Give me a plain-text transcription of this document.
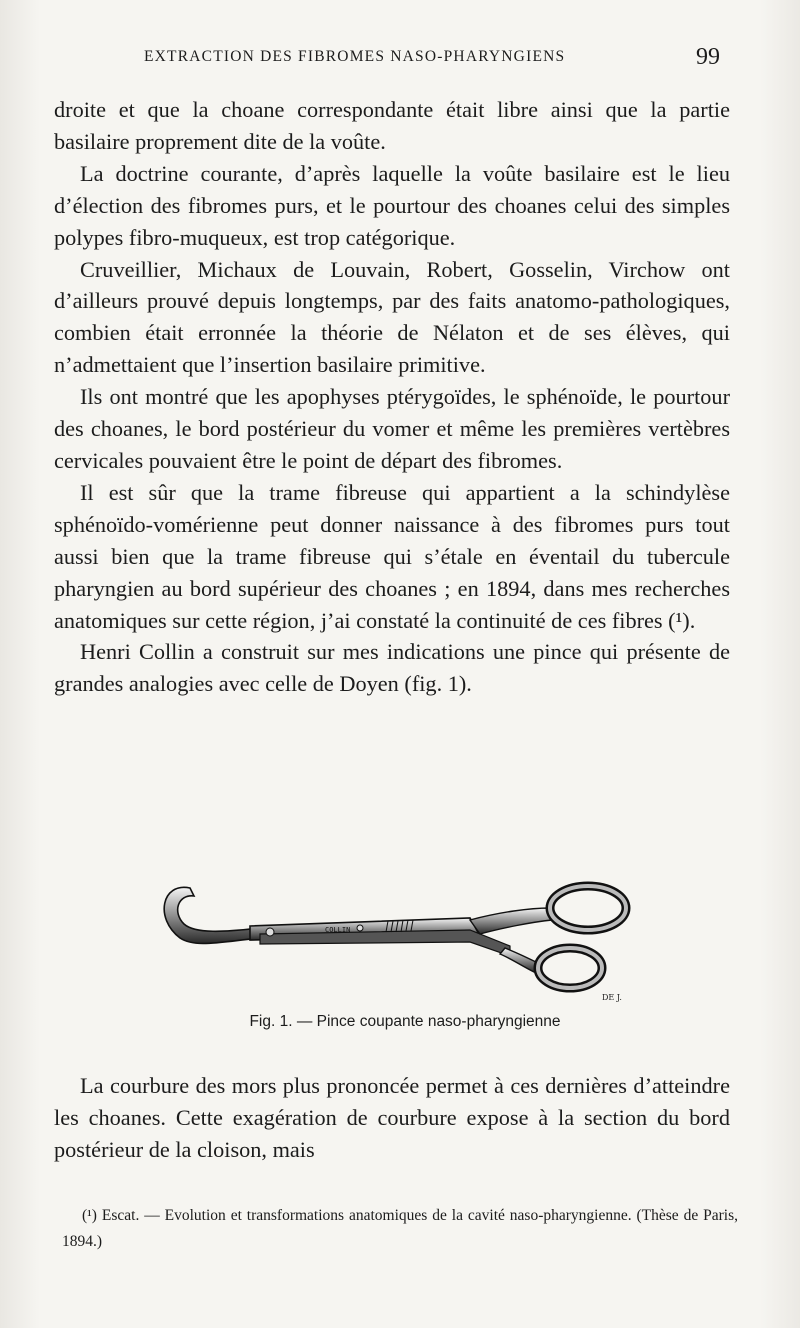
EXTRACTION DES FIBROMES NASO-PHARYNGIENS	99

droite et que la choane correspondante était libre ainsi que la partie basilaire proprement dite de la voûte.

La doctrine courante, d’après laquelle la voûte basilaire est le lieu d’élection des fibromes purs, et le pourtour des choanes celui des simples polypes fibro-muqueux, est trop catégorique.

Cruveillier, Michaux de Louvain, Robert, Gosselin, Virchow ont d’ailleurs prouvé depuis longtemps, par des faits anatomo-pathologiques, combien était erronnée la théorie de Nélaton et de ses élèves, qui n’admettaient que l’insertion basilaire primitive.

Ils ont montré que les apophyses ptérygoïdes, le sphénoïde, le pourtour des choanes, le bord postérieur du vomer et même les premières vertèbres cervicales pouvaient être le point de départ des fibromes.

Il est sûr que la trame fibreuse qui appartient a la schindylèse sphénoïdo-vomérienne peut donner naissance à des fibromes purs tout aussi bien que la trame fibreuse qui s’étale en éventail du tubercule pharyngien au bord supérieur des choanes ; en 1894, dans mes recherches anatomiques sur cette région, j’ai constaté la continuité de ces fibres (¹).

Henri Collin a construit sur mes indications une pince qui présente de grandes analogies avec celle de Doyen (fig. 1).

COLLIN
DE J.
Fig. 1. — Pince coupante naso-pharyngienne

La courbure des mors plus prononcée permet à ces dernières d’atteindre les choanes. Cette exagération de courbure expose à la section du bord postérieur de la cloison, mais

(¹) Escat. — Evolution et transformations anatomiques de la cavité naso-pharyngienne. (Thèse de Paris, 1894.)
